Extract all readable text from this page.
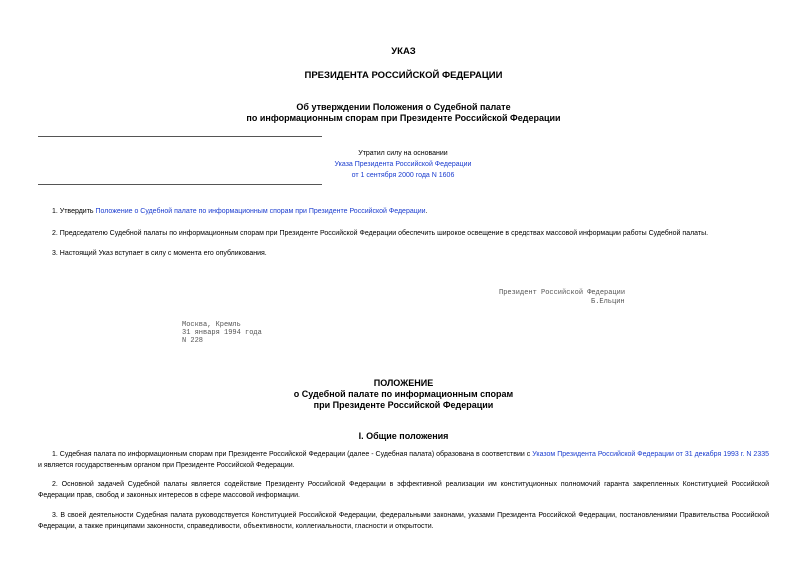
УКАЗ
ПРЕЗИДЕНТА РОССИЙСКОЙ ФЕДЕРАЦИИ
Об утверждении Положения о Судебной палате
по информационным спорам при Президенте Российской Федерации
Утратил силу на основании
Указа Президента Российской Федерации
от 1 сентября 2000 года N 1606
1. Утвердить Положение о Судебной палате по информационным спорам при Президенте Российской Федерации.
2. Председателю Судебной палаты по информационным спорам при Президенте Российской Федерации обеспечить широкое освещение в средствах массовой информации работы Судебной палаты.
3. Настоящий Указ вступает в силу с момента его опубликования.
Президент Российской Федерации
Б.Ельцин
Москва, Кремль
31 января 1994 года
N 228
ПОЛОЖЕНИЕ
о Судебной палате по информационным спорам
при Президенте Российской Федерации
I. Общие положения
1. Судебная палата по информационным спорам при Президенте Российской Федерации (далее - Судебная палата) образована в соответствии с Указом Президента Российской Федерации от 31 декабря 1993 г. N 2335 и является государственным органом при Президенте Российской Федерации.
2. Основной задачей Судебной палаты является содействие Президенту Российской Федерации в эффективной реализации им конституционных полномочий гаранта закрепленных Конституцией Российской Федерации прав, свобод и законных интересов в сфере массовой информации.
3. В своей деятельности Судебная палата руководствуется Конституцией Российской Федерации, федеральными законами, указами Президента Российской Федерации, постановлениями Правительства Российской Федерации, а также принципами законности, справедливости, объективности, коллегиальности, гласности и открытости.
